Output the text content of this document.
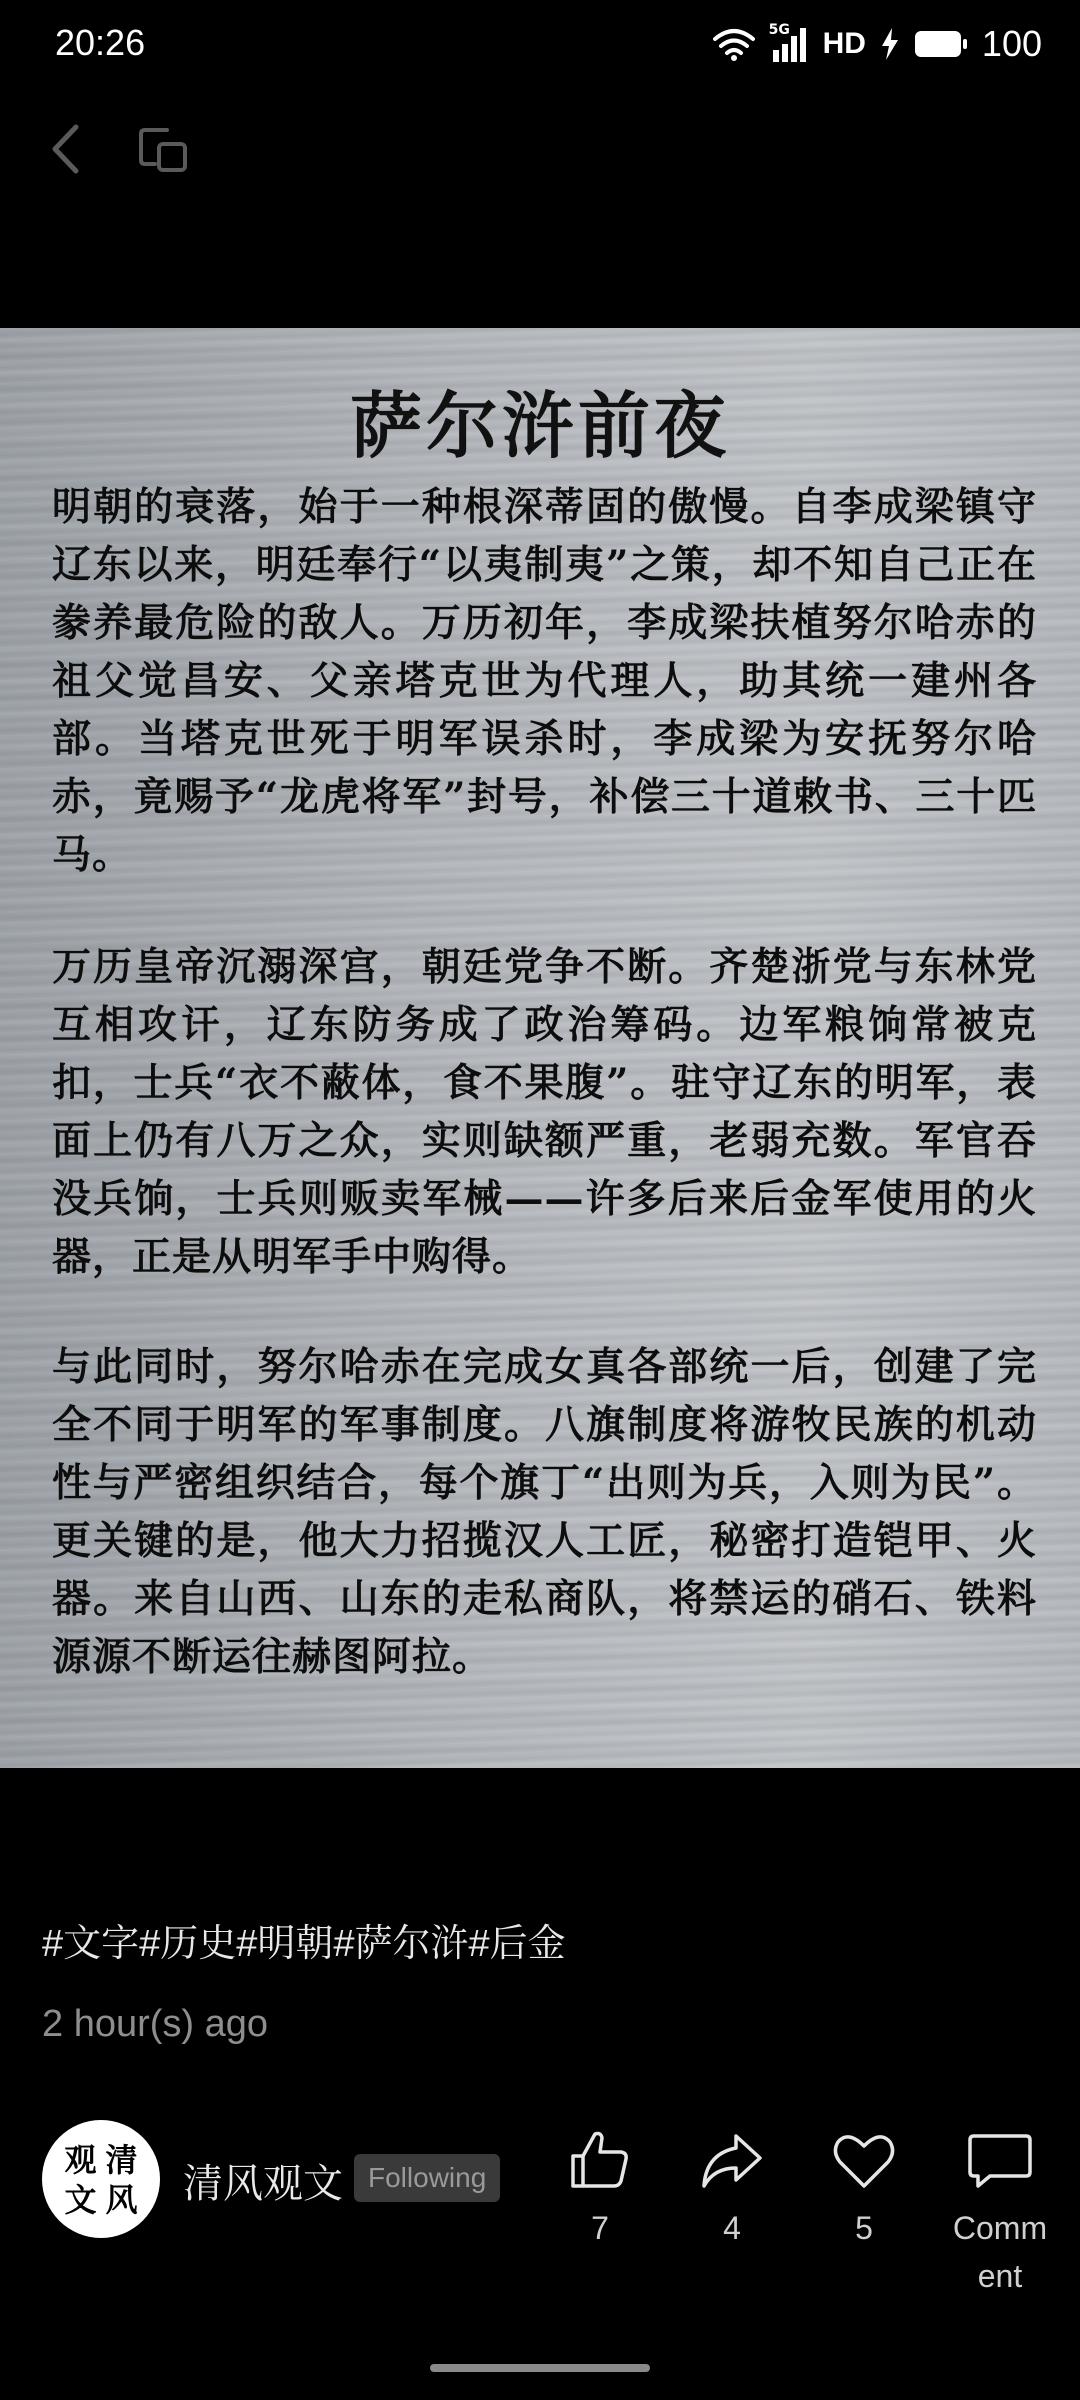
20:26	5G HD	100
萨尔浒前夜
明朝的衰落，始于一种根深蒂固的傲慢。自李成梁镇守辽东以来，明廷奉行“以夷制夷”之策，却不知自己正在豢养最危险的敌人。万历初年，李成梁扶植努尔哈赤的祖父觉昌安、父亲塔克世为代理人，助其统一建州各部。当塔克世死于明军误杀时，李成梁为安抚努尔哈赤，竟赐予“龙虎将军”封号，补偿三十道敕书、三十匹马。
万历皇帝沉溺深宫，朝廷党争不断。齐楚浙党与东林党互相攻讦，辽东防务成了政治筹码。边军粮饷常被克扣，士兵“衣不蔽体，食不果腹”。驻守辽东的明军，表面上仍有八万之众，实则缺额严重，老弱充数。军官吞没兵饷，士兵则贩卖军械——许多后来后金军使用的火器，正是从明军手中购得。
与此同时，努尔哈赤在完成女真各部统一后，创建了完全不同于明军的军事制度。八旗制度将游牧民族的机动性与严密组织结合，每个旗丁“出则为兵，入则为民”。更关键的是，他大力招揽汉人工匠，秘密打造铠甲、火器。来自山西、山东的走私商队，将禁运的硝石、铁料源源不断运往赫图阿拉。
#文字#历史#明朝#萨尔浒#后金
2 hour(s) ago
观 清
文 风 清风观文 Following
7	4	5	Comment
